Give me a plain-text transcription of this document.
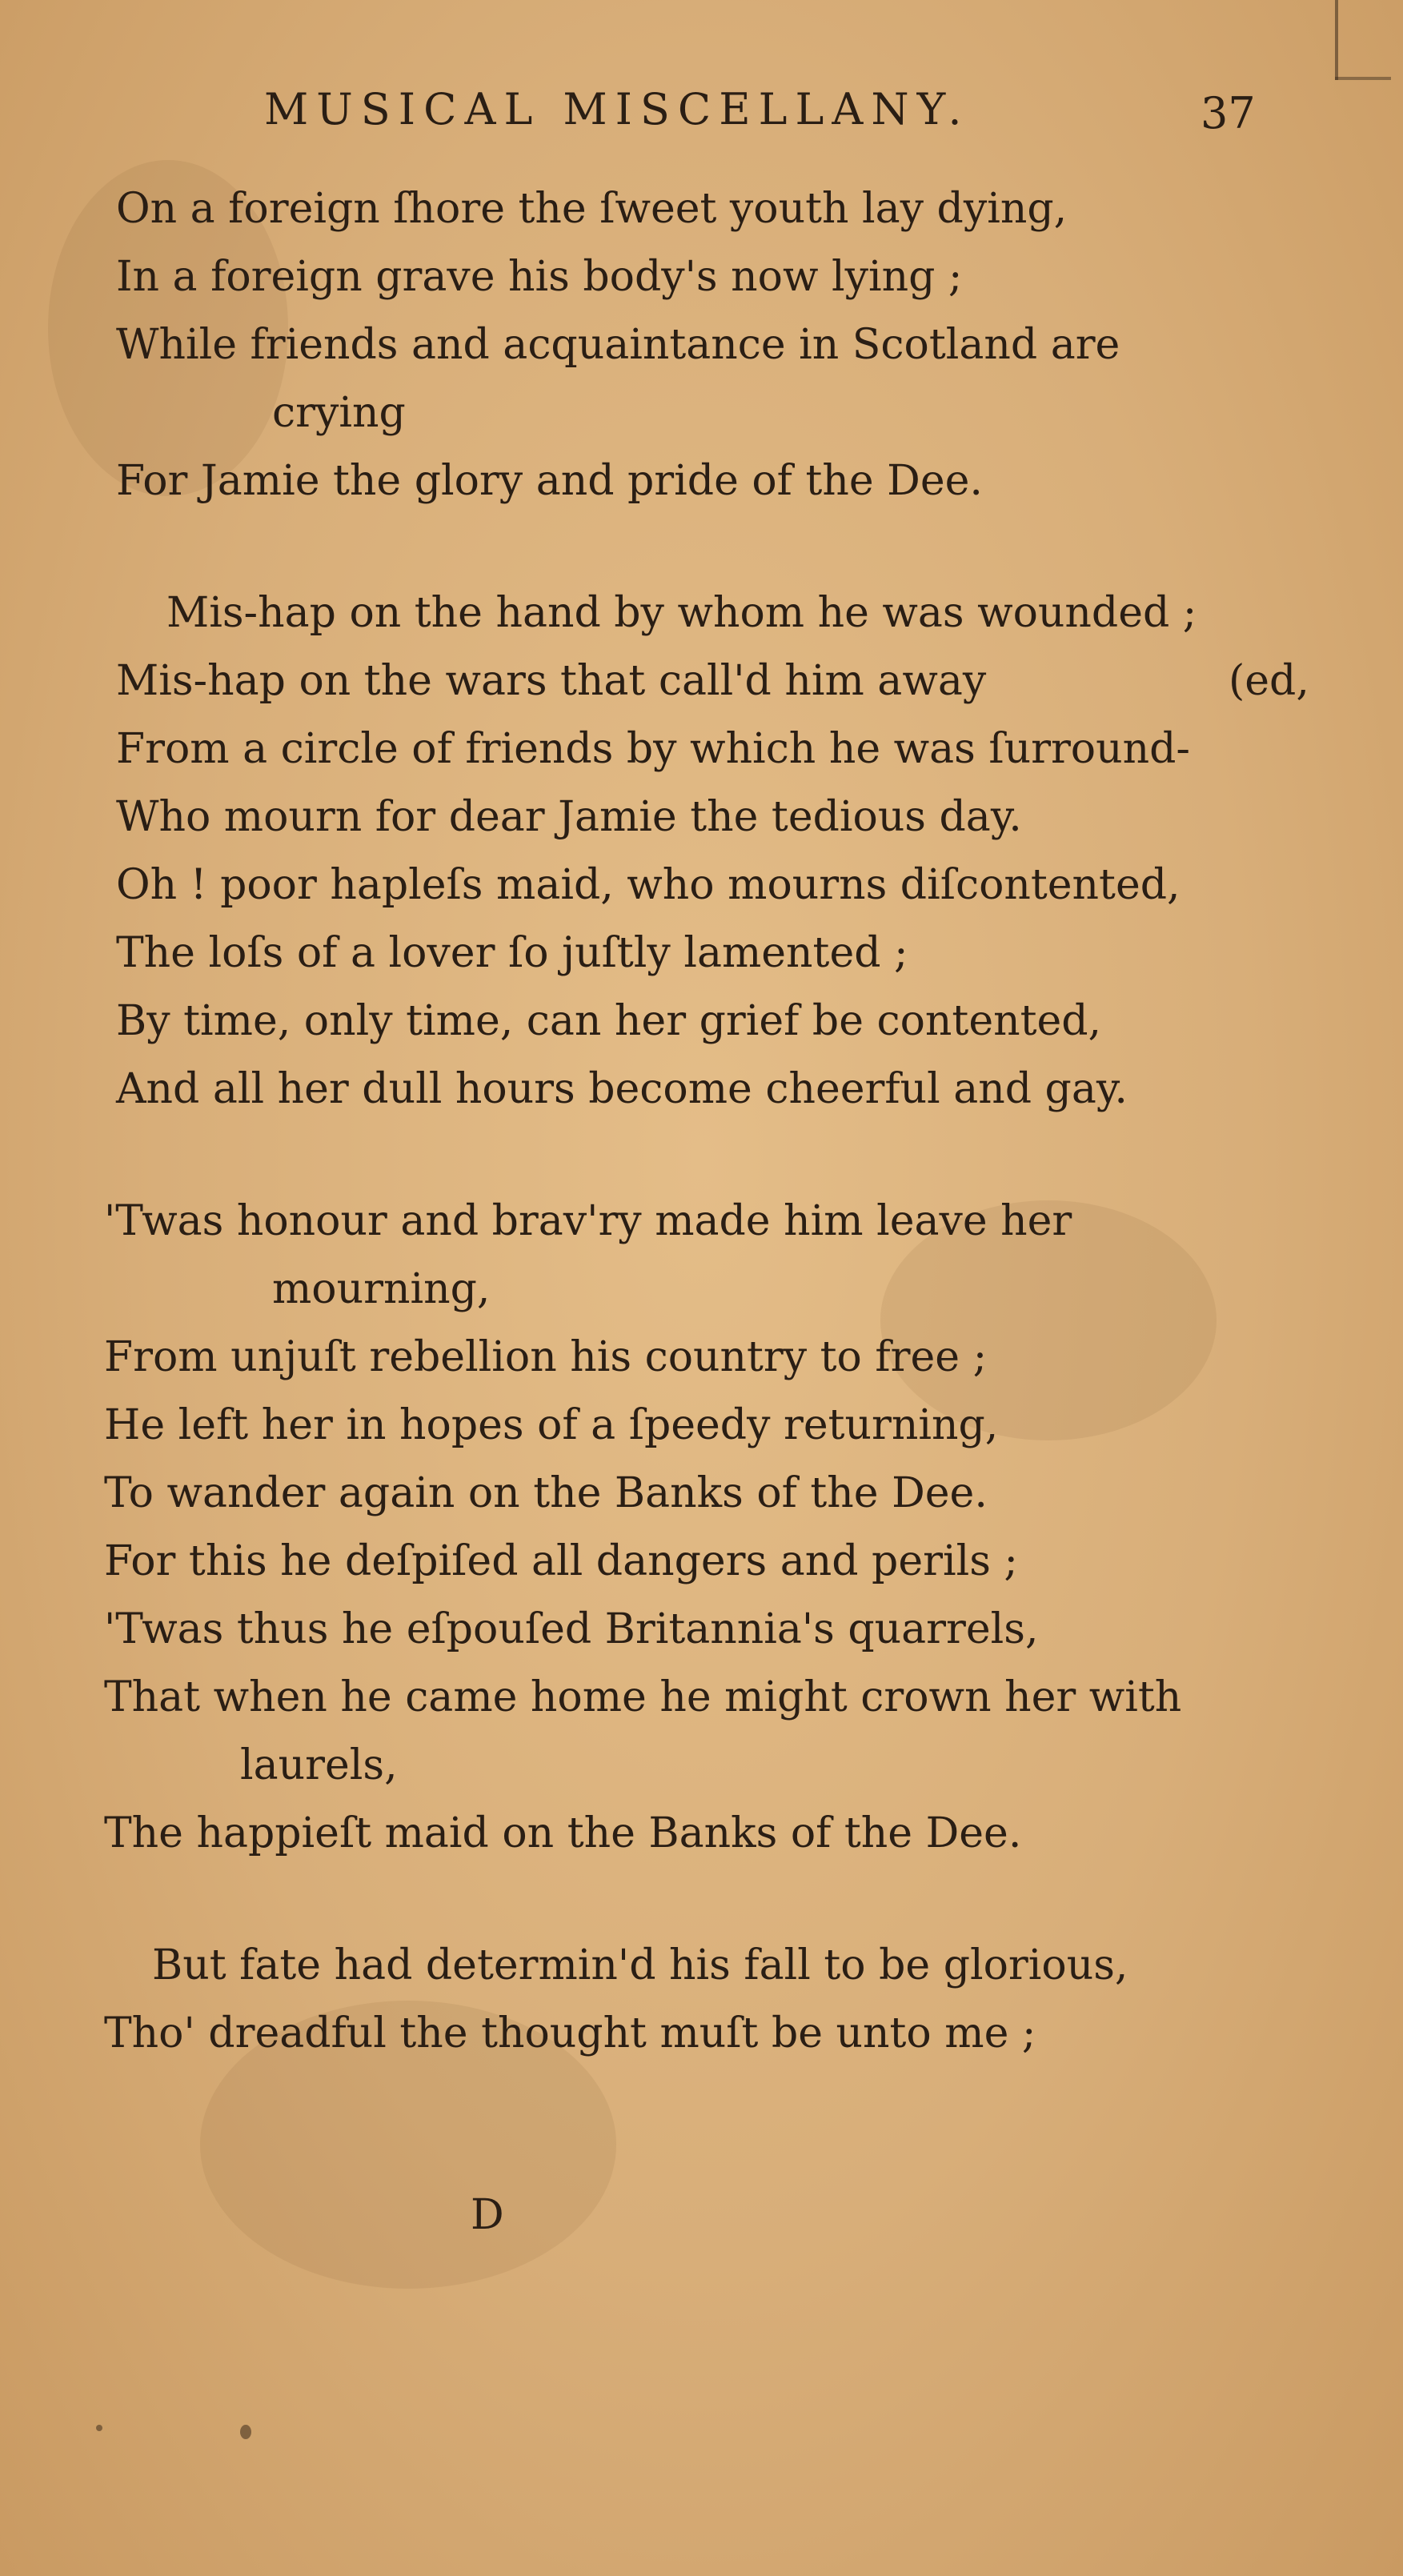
MUSICAL MISCELLANY.	37
On a foreign ſhore the ſweet youth lay dying,
In a foreign grave his body's now lying ;
While friends and acquaintance in Scotland are
crying
For Jamie the glory and pride of the Dee.
Mis-hap on the hand by whom he was wounded ;
Mis-hap on the wars that call'd him away	(ed,
From a circle of friends by which he was ſurround-
Who mourn for dear Jamie the tedious day.
Oh ! poor hapleſs maid, who mourns diſcontented,
The loſs of a lover ſo juſtly lamented ;
By time, only time, can her grief be contented,
And all her dull hours become cheerful and gay.
'Twas honour and brav'ry made him leave her
mourning,
From unjuſt rebellion his country to free ;
He left her in hopes of a ſpeedy returning,
To wander again on the Banks of the Dee.
For this he deſpiſed all dangers and perils ;
'Twas thus he eſpouſed Britannia's quarrels,
That when he came home he might crown her with
laurels,
The happieſt maid on the Banks of the Dee.
But fate had determin'd his fall to be glorious,
Tho' dreadful the thought muſt be unto me ;
D
